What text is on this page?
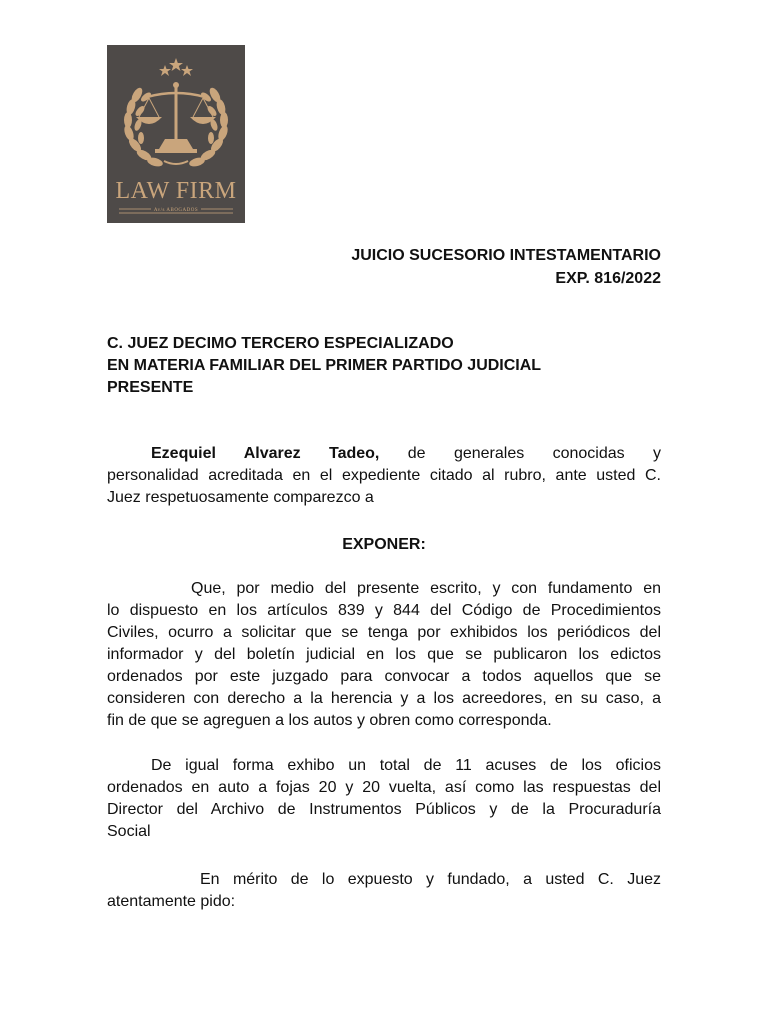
LAW FIRM
Av/s ABOGADOS
JUICIO SUCESORIO INTESTAMENTARIO
EXP. 816/2022
C. JUEZ DECIMO TERCERO ESPECIALIZADO
EN MATERIA FAMILIAR DEL PRIMER PARTIDO JUDICIAL
PRESENTE
Ezequiel Alvarez Tadeo, de generales conocidas y
personalidad acreditada en el expediente citado al rubro, ante usted C.
Juez respetuosamente comparezco a
EXPONER:
Que, por medio del presente escrito, y con fundamento en
lo dispuesto en los artículos 839 y 844 del Código de Procedimientos
Civiles, ocurro a solicitar que se tenga por exhibidos los periódicos del
informador y del boletín judicial en los que se publicaron los edictos
ordenados por este juzgado para convocar a todos aquellos que se
consideren con derecho a la herencia y a los acreedores, en su caso, a
fin de que se agreguen a los autos y obren como corresponda.
De igual forma exhibo un total de 11 acuses de los oficios
ordenados en auto a fojas 20 y 20 vuelta, así como las respuestas del
Director del Archivo de Instrumentos Públicos y de la Procuraduría
Social
En mérito de lo expuesto y fundado, a usted C. Juez
atentamente pido:
